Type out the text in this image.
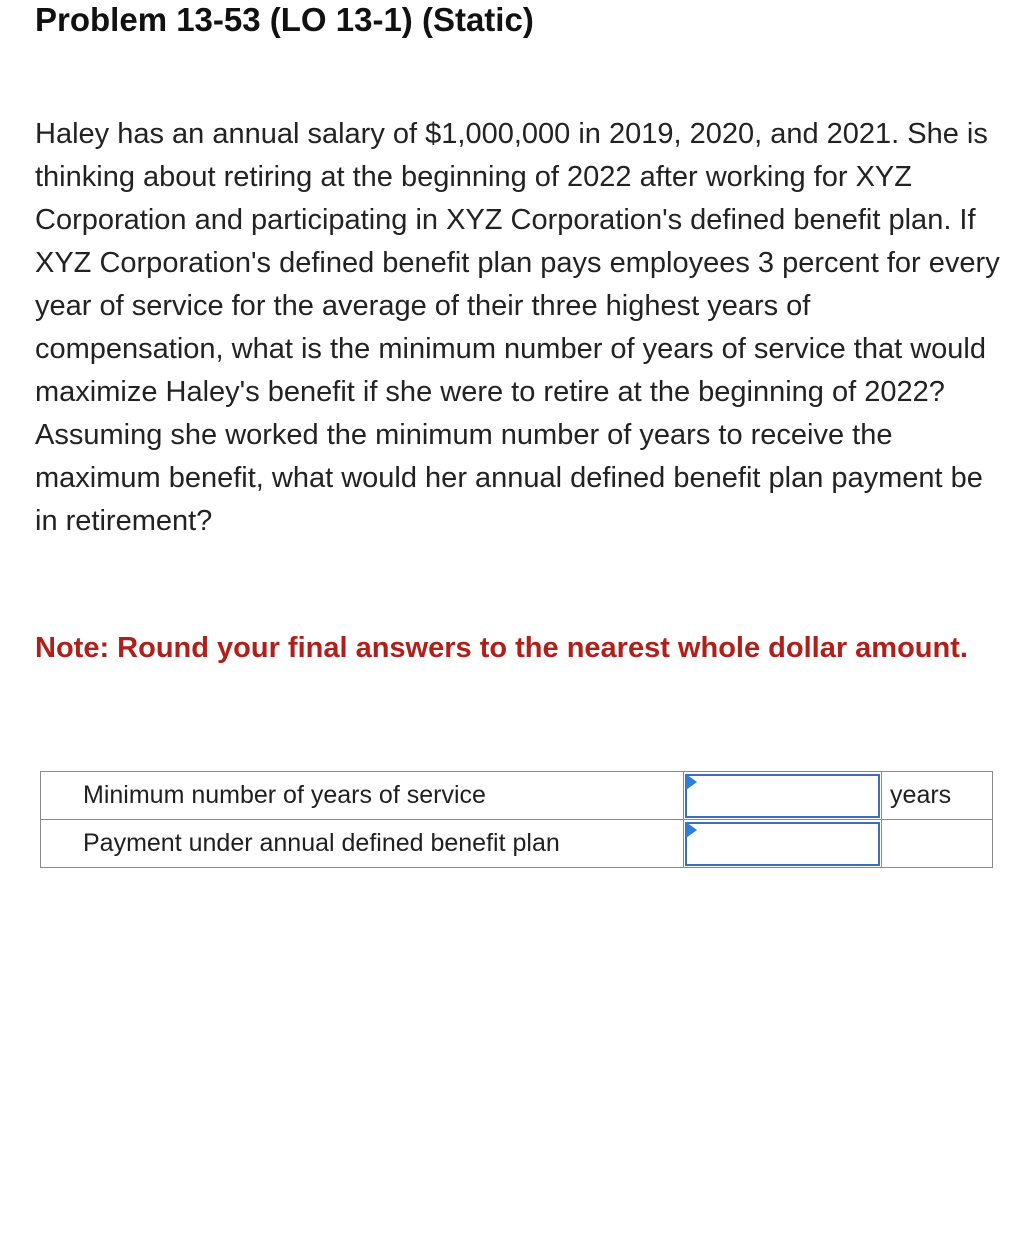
Problem 13-53 (LO 13-1) (Static)

Haley has an annual salary of $1,000,000 in 2019, 2020, and 2021. She is thinking about retiring at the beginning of 2022 after working for XYZ Corporation and participating in XYZ Corporation's defined benefit plan. If XYZ Corporation's defined benefit plan pays employees 3 percent for every year of service for the average of their three highest years of compensation, what is the minimum number of years of service that would maximize Haley's benefit if she were to retire at the beginning of 2022? Assuming she worked the minimum number of years to receive the maximum benefit, what would her annual defined benefit plan payment be in retirement?

Note: Round your final answers to the nearest whole dollar amount.

Minimum number of years of service		years
Payment under annual defined benefit plan	
